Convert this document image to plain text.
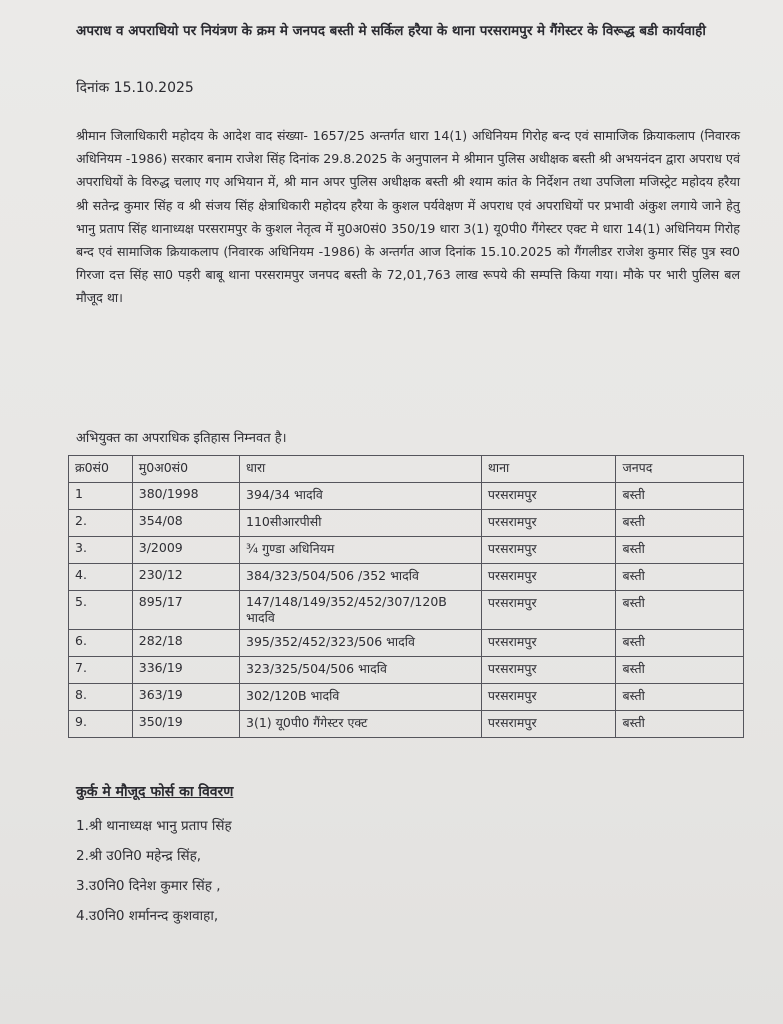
अपराध व अपराधियो पर नियंत्रण के क्रम मे जनपद बस्ती मे सर्किल हरैया के थाना परसरामपुर मे गैंगेस्टर के विरूद्ध बडी कार्यवाही
दिनांक 15.10.2025
श्रीमान जिलाधिकारी महोदय के आदेश वाद संख्या- 1657/25 अन्तर्गत धारा 14(1) अधिनियम गिरोह बन्द एवं सामाजिक क्रियाकलाप (निवारक अधिनियम -1986) सरकार बनाम राजेश सिंह दिनांक 29.8.2025 के अनुपालन मे श्रीमान पुलिस अधीक्षक बस्ती श्री अभयनंदन द्वारा अपराध एवं अपराधियों के विरुद्ध चलाए गए अभियान में, श्री मान अपर पुलिस अधीक्षक बस्ती श्री श्याम कांत के निर्देशन तथा उपजिला मजिस्ट्रेट महोदय हरैया श्री सतेन्द्र कुमार सिंह व श्री संजय सिंह क्षेत्राधिकारी महोदय हरैया के कुशल पर्यवेक्षण में अपराध एवं अपराधियों पर प्रभावी अंकुश लगाये जाने हेतु भानु प्रताप सिंह थानाध्यक्ष परसरामपुर के कुशल नेतृत्व में मु0अ0सं0 350/19 धारा 3(1) यू0पी0 गैंगेस्टर एक्ट मे धारा 14(1) अधिनियम गिरोह बन्द एवं सामाजिक क्रियाकलाप (निवारक अधिनियम -1986) के अन्तर्गत आज दिनांक 15.10.2025 को गैंगलीडर राजेश कुमार सिंह पुत्र स्व0 गिरजा दत्त सिंह सा0 पड़री बाबू थाना परसरामपुर जनपद बस्ती के 72,01,763 लाख रूपये की सम्पत्ति किया गया। मौके पर भारी पुलिस बल मौजूद था।
अभियुक्त का अपराधिक इतिहास निम्नवत है।
क्र0सं0	मु0अ0सं0	धारा	थाना	जनपद
1	380/1998	394/34 भादवि	परसरामपुर	बस्ती
2.	354/08	110सीआरपीसी	परसरामपुर	बस्ती
3.	3/2009	¾ गुण्डा अधिनियम	परसरामपुर	बस्ती
4.	230/12	384/323/504/506 /352 भादवि	परसरामपुर	बस्ती
5.	895/17	147/148/149/352/452/307/120B भादवि	परसरामपुर	बस्ती
6.	282/18	395/352/452/323/506 भादवि	परसरामपुर	बस्ती
7.	336/19	323/325/504/506 भादवि	परसरामपुर	बस्ती
8.	363/19	302/120B भादवि	परसरामपुर	बस्ती
9.	350/19	3(1) यू0पी0 गैंगेस्टर एक्ट	परसरामपुर	बस्ती
कुर्क मे मौजूद फोर्स का विवरण
1.श्री थानाध्यक्ष भानु प्रताप सिंह
2.श्री उ0नि0 महेन्द्र सिंह,
3.उ0नि0 दिनेश कुमार सिंह ,
4.उ0नि0 शर्मानन्द कुशवाहा,
